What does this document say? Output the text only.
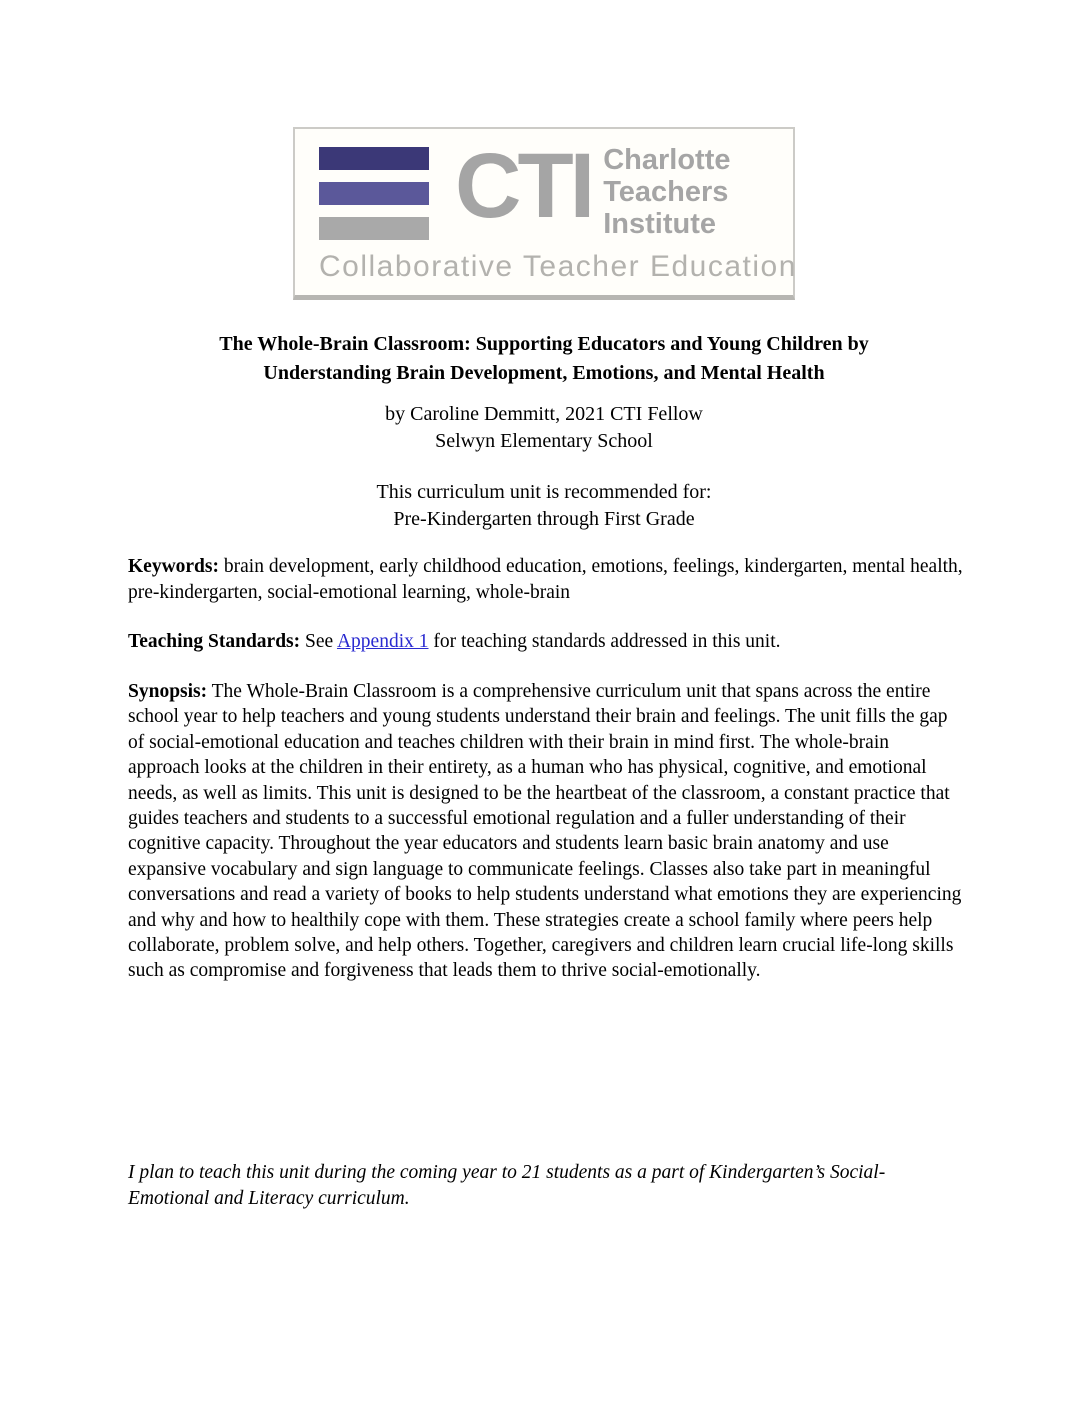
CTI Charlotte
Teachers
Institute
Collaborative Teacher Education
The Whole-Brain Classroom: Supporting Educators and Young Children by
Understanding Brain Development, Emotions, and Mental Health
by Caroline Demmitt, 2021 CTI Fellow
Selwyn Elementary School
This curriculum unit is recommended for:
Pre-Kindergarten through First Grade
Keywords: brain development, early childhood education, emotions, feelings, kindergarten, mental health, pre-kindergarten, social-emotional learning, whole-brain
Teaching Standards: See Appendix 1 for teaching standards addressed in this unit.
Synopsis: The Whole-Brain Classroom is a comprehensive curriculum unit that spans across the entire school year to help teachers and young students understand their brain and feelings. The unit fills the gap of social-emotional education and teaches children with their brain in mind first. The whole-brain approach looks at the children in their entirety, as a human who has physical, cognitive, and emotional needs, as well as limits. This unit is designed to be the heartbeat of the classroom, a constant practice that guides teachers and students to a successful emotional regulation and a fuller understanding of their cognitive capacity. Throughout the year educators and students learn basic brain anatomy and use expansive vocabulary and sign language to communicate feelings. Classes also take part in meaningful conversations and read a variety of books to help students understand what emotions they are experiencing and why and how to healthily cope with them. These strategies create a school family where peers help collaborate, problem solve, and help others. Together, caregivers and children learn crucial life-long skills such as compromise and forgiveness that leads them to thrive social-emotionally.
I plan to teach this unit during the coming year to 21 students as a part of Kindergarten’s Social-Emotional and Literacy curriculum.
